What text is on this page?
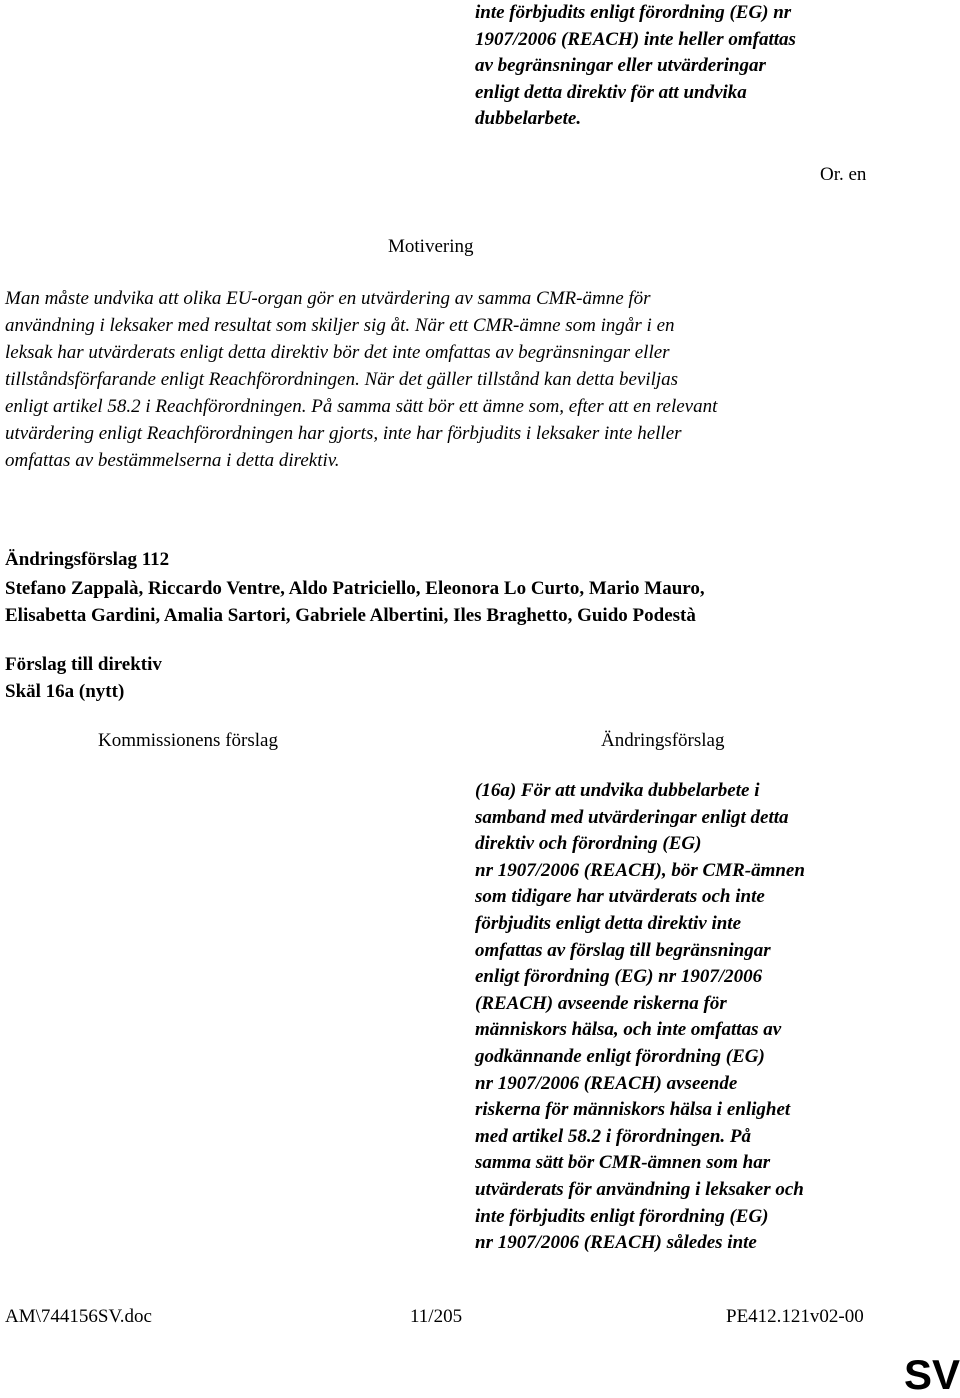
inte förbjudits enligt förordning (EG) nr
1907/2006 (REACH) inte heller omfattas
av begränsningar eller utvärderingar
enligt detta direktiv för att undvika
dubbelarbete.
Or. en
Motivering
Man måste undvika att olika EU-organ gör en utvärdering av samma CMR-ämne för
användning i leksaker med resultat som skiljer sig åt. När ett CMR-ämne som ingår i en
leksak har utvärderats enligt detta direktiv bör det inte omfattas av begränsningar eller
tillståndsförfarande enligt Reachförordningen. När det gäller tillstånd kan detta beviljas
enligt artikel 58.2 i Reachförordningen. På samma sätt bör ett ämne som, efter att en relevant
utvärdering enligt Reachförordningen har gjorts, inte har förbjudits i leksaker inte heller
omfattas av bestämmelserna i detta direktiv.
Ändringsförslag 112
Stefano Zappalà, Riccardo Ventre, Aldo Patriciello, Eleonora Lo Curto, Mario Mauro,
Elisabetta Gardini, Amalia Sartori, Gabriele Albertini, Iles Braghetto, Guido Podestà
Förslag till direktiv
Skäl 16a (nytt)
Kommissionens förslag	Ändringsförslag
(16a) För att undvika dubbelarbete i
samband med utvärderingar enligt detta
direktiv och förordning (EG)
nr 1907/2006 (REACH), bör CMR-ämnen
som tidigare har utvärderats och inte
förbjudits enligt detta direktiv inte
omfattas av förslag till begränsningar
enligt förordning (EG) nr 1907/2006
(REACH) avseende riskerna för
människors hälsa, och inte omfattas av
godkännande enligt förordning (EG)
nr 1907/2006 (REACH) avseende
riskerna för människors hälsa i enlighet
med artikel 58.2 i förordningen. På
samma sätt bör CMR-ämnen som har
utvärderats för användning i leksaker och
inte förbjudits enligt förordning (EG)
nr 1907/2006 (REACH) således inte
AM\744156SV.doc	11/205	PE412.121v02-00
SV
